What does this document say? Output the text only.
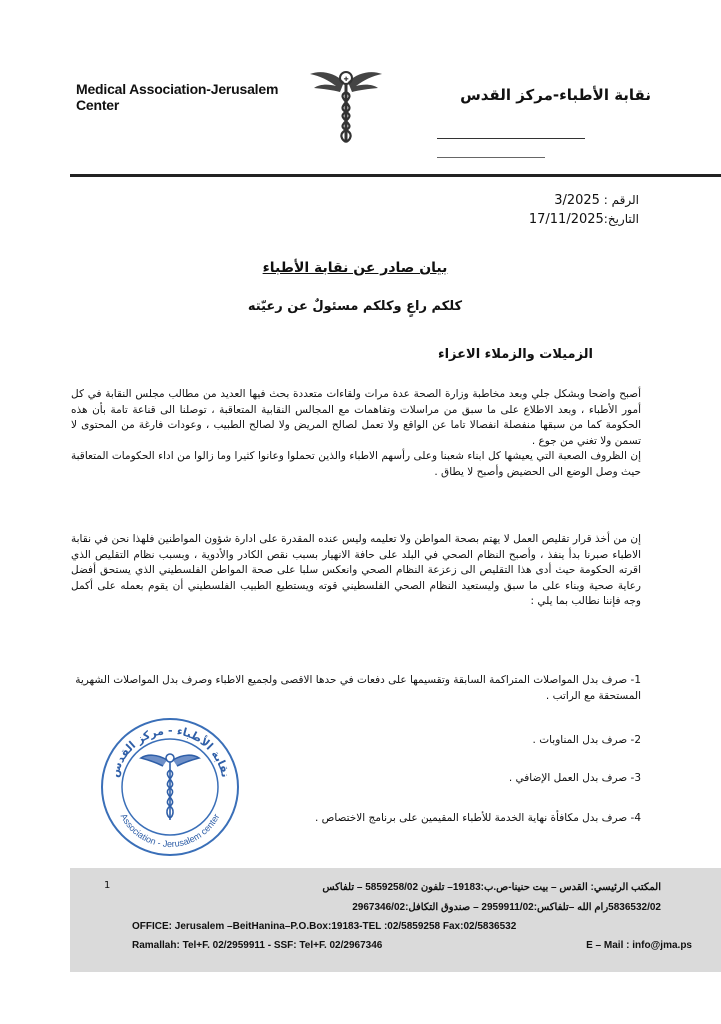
Medical Association-Jerusalem
Center
✚
نقابة الأطباء-مركز القدس
الرقم : 3/2025
التاريخ:17/11/2025
بيان صادر عن نقابة الأطباء
كلكم راعٍ وكلكم مسئولٌ عن رعيّته
الزميلات والزملاء الاعزاء

أصبح واضحا وبشكل جلي وبعد مخاطبة وزارة الصحة عدة مرات ولقاءات متعددة بحث فيها العديد من مطالب مجلس النقابة في كل أمور الأطباء ، وبعد الاطلاع على ما سبق من مراسلات وتفاهمات مع المجالس النقابية المتعاقبة ، توصلنا الى قناعة تامة بأن هذه الحكومة كما من سبقها منفصلة انفصالا تاما عن الواقع ولا تعمل لصالح المريض ولا لصالح الطبيب ، وعودات فارغة من المحتوى لا تسمن ولا تغني من جوع .

إن الظروف الصعبة التي يعيشها كل ابناء شعبنا وعلى رأسهم الاطباء والذين تحملوا وعانوا كثيرا وما زالوا من اداء الحكومات المتعاقبة حيث وصل الوضع الى الحضيض وأصبح لا يطاق .

إن من أخذ قرار تقليص العمل لا يهتم بصحة المواطن ولا تعليمه وليس عنده المقدرة على ادارة شؤون المواطنين فلهذا نحن في نقابة الاطباء صبرنا بدأ ينفذ ، وأصبح النظام الصحي في البلد على حافة الانهيار بسبب نقص الكادر والأدوية ، وبسبب نظام التقليص الذي اقرته الحكومة حيث أدى هذا التقليص الى زعزعة النظام الصحي وانعكس سلبا على صحة المواطن الفلسطيني الذي يستحق أفضل رعاية صحية وبناء على ما سبق وليستعيد النظام الصحي الفلسطيني قوته ويستطيع الطبيب الفلسطيني أن يقوم بعمله على أكمل وجه فإننا نطالب بما يلي :

1- صرف بدل المواصلات المتراكمة السابقة وتقسيمها على دفعات في حدها الاقصى ولجميع الاطباء وصرف بدل المواصلات الشهرية المستحقة مع الراتب .
2- صرف بدل المناوبات .
3- صرف بدل العمل الإضافي .
4- صرف بدل مكافأة نهاية الخدمة للأطباء المقيمين على برنامج الاختصاص .
نقابة الأطباء - مركز القدس
Association - Jerusalem center
المكتب الرئيسي: القدس – بيت حنينا-ص.ب:19183– تلفون 5859258/02 – تلفاكس
5836532/02رام الله –تلفاكس:2959911/02 – صندوق التكافل:2967346/02
OFFICE: Jerusalem –BeitHanina–P.O.Box:19183-TEL :02/5859258 Fax:02/5836532
Ramallah: Tel+F. 02/2959911 - SSF: Tel+F. 02/2967346	E – Mail : info@jma.ps
1
